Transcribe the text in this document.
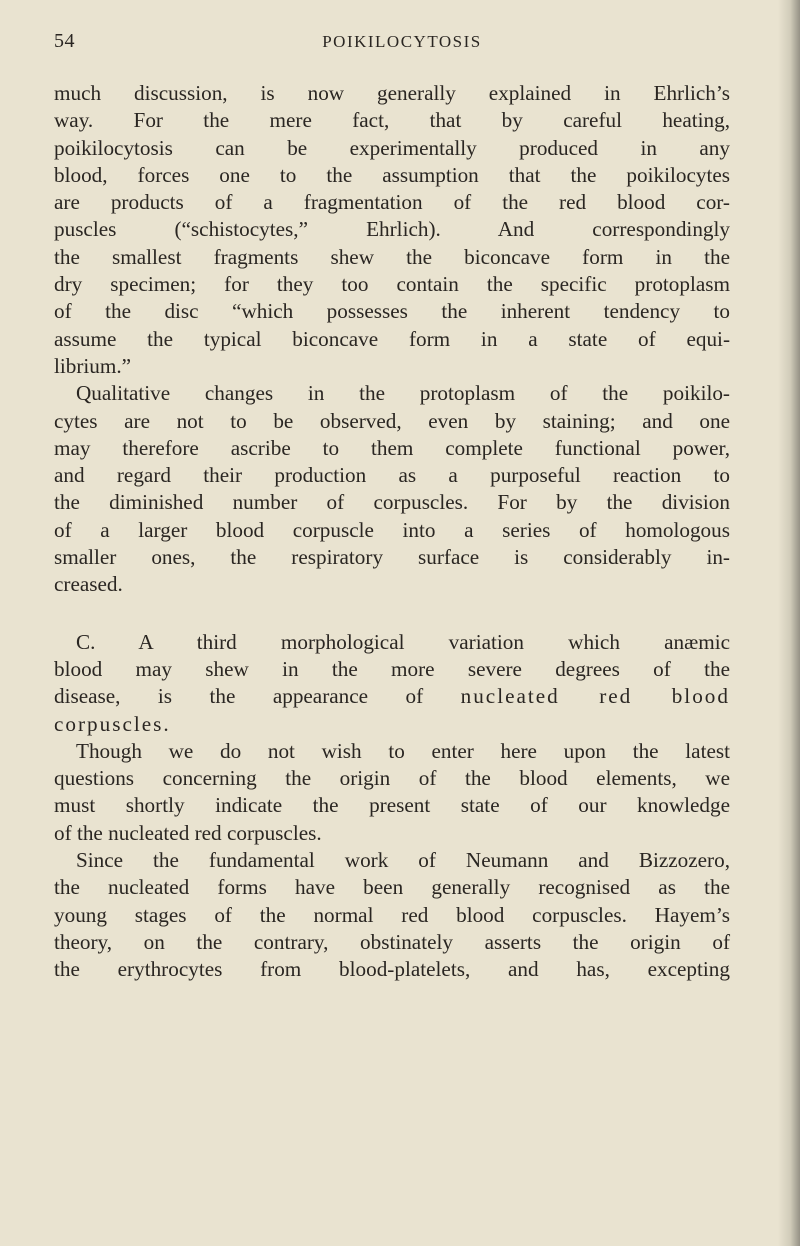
54	POIKILOCYTOSIS
much discussion, is now generally explained in Ehrlich’s
way. For the mere fact, that by careful heating,
poikilocytosis can be experimentally produced in any
blood, forces one to the assumption that the poikilocytes
are products of a fragmentation of the red blood cor-
puscles (“schistocytes,” Ehrlich). And correspondingly
the smallest fragments shew the biconcave form in the
dry specimen; for they too contain the specific protoplasm
of the disc “which possesses the inherent tendency to
assume the typical biconcave form in a state of equi-
librium.”
Qualitative changes in the protoplasm of the poikilo-
cytes are not to be observed, even by staining; and one
may therefore ascribe to them complete functional power,
and regard their production as a purposeful reaction to
the diminished number of corpuscles. For by the division
of a larger blood corpuscle into a series of homologous
smaller ones, the respiratory surface is considerably in-
creased.
C. A third morphological variation which anæmic
blood may shew in the more severe degrees of the
disease, is the appearance of nucleated red blood
corpuscles.
Though we do not wish to enter here upon the latest
questions concerning the origin of the blood elements, we
must shortly indicate the present state of our knowledge
of the nucleated red corpuscles.
Since the fundamental work of Neumann and Bizzozero,
the nucleated forms have been generally recognised as the
young stages of the normal red blood corpuscles. Hayem’s
theory, on the contrary, obstinately asserts the origin of
the erythrocytes from blood-platelets, and has, excepting
